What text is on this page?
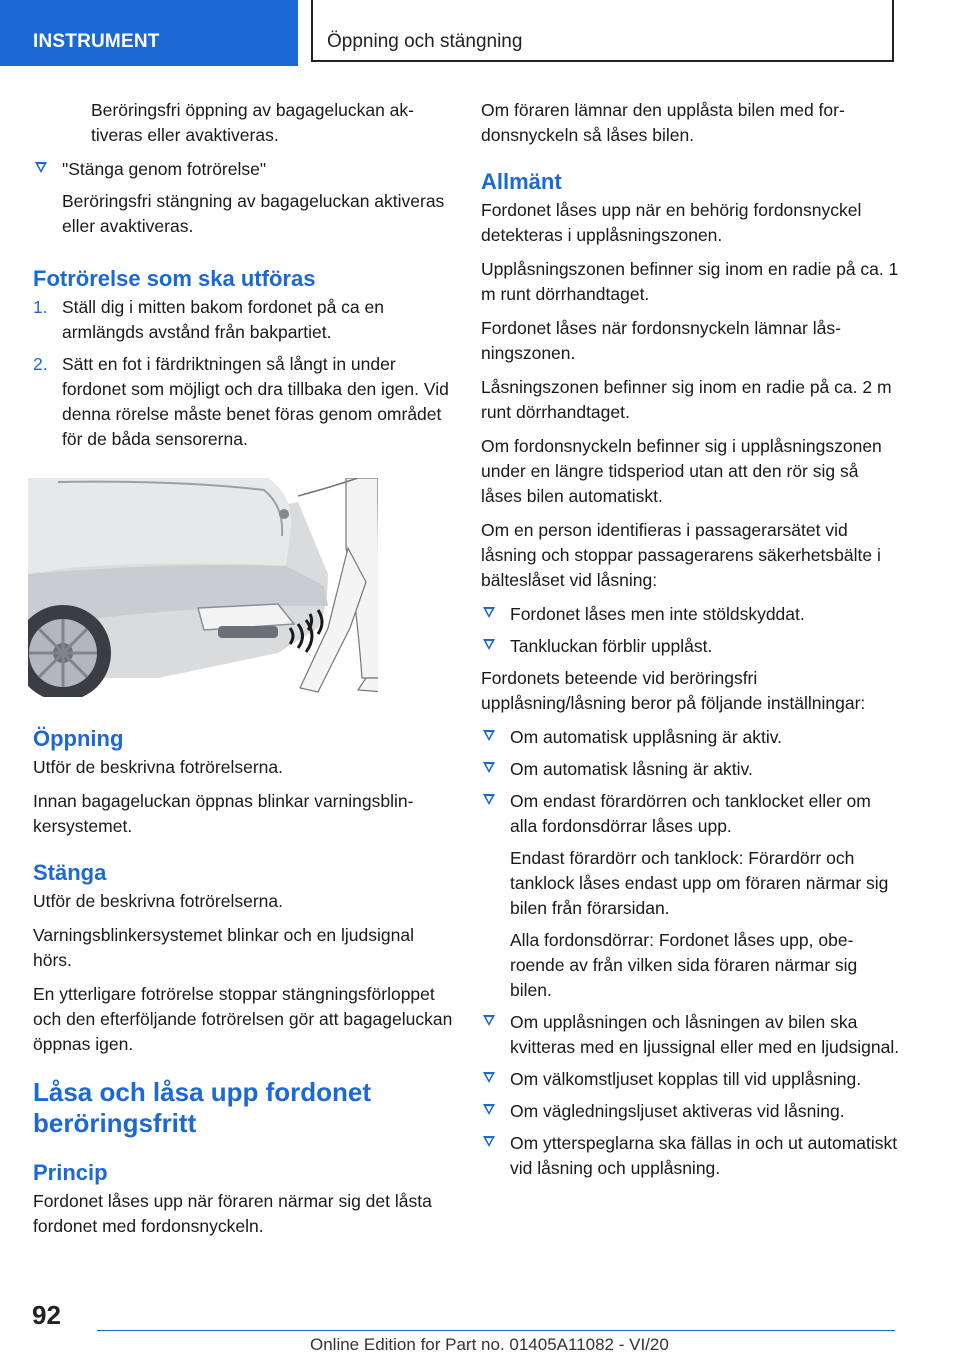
INSTRUMENT	Öppning och stängning

Beröringsfri öppning av bagageluckan aktiveras eller avaktiveras.

"Stänga genom fotrörelse"

Beröringsfri stängning av bagageluckan aktiveras eller avaktiveras.

Fotrörelse som ska utföras
1. Ställ dig i mitten bakom fordonet på ca en armlängds avstånd från bakpartiet.
2. Sätt en fot i färdriktningen så långt in under fordonet som möjligt och dra tillbaka den igen. Vid denna rörelse måste benet föras genom området för de båda sensorerna.
Öppning

Utför de beskrivna fotrörelserna.

Innan bagageluckan öppnas blinkar varningsblinkersystemet.

Stänga

Utför de beskrivna fotrörelserna.

Varningsblinkersystemet blinkar och en ljudsignal hörs.

En ytterligare fotrörelse stoppar stängningsförloppet och den efterföljande fotrörelsen gör att bagageluckan öppnas igen.

Låsa och låsa upp fordonet beröringsfritt
Princip

Fordonet låses upp när föraren närmar sig det låsta fordonet med fordonsnyckeln.

Om föraren lämnar den upplåsta bilen med fordonsnyckeln så låses bilen.

Allmänt

Fordonet låses upp när en behörig fordonsnyckel detekteras i upplåsningszonen.

Upplåsningszonen befinner sig inom en radie på ca. 1 m runt dörrhandtaget.

Fordonet låses när fordonsnyckeln lämnar låsningszonen.

Låsningszonen befinner sig inom en radie på ca. 2 m runt dörrhandtaget.

Om fordonsnyckeln befinner sig i upplåsningszonen under en längre tidsperiod utan att den rör sig så låses bilen automatiskt.

Om en person identifieras i passagerarsätet vid låsning och stoppar passagerarens säkerhetsbälte i bälteslåset vid låsning:

Fordonet låses men inte stöldskyddat.
Tankluckan förblir upplåst.

Fordonets beteende vid beröringsfri upplåsning/låsning beror på följande inställningar:

Om automatisk upplåsning är aktiv.
Om automatisk låsning är aktiv.
Om endast förardörren och tanklocket eller om alla fordonsdörrar låses upp.

Endast förardörr och tanklock: Förardörr och tanklock låses endast upp om föraren närmar sig bilen från förarsidan.

Alla fordonsdörrar: Fordonet låses upp, oberoende av från vilken sida föraren närmar sig bilen.

Om upplåsningen och låsningen av bilen ska kvitteras med en ljussignal eller med en ljudsignal.
Om välkomstljuset kopplas till vid upplåsning.
Om vägledningsljuset aktiveras vid låsning.
Om ytterspeglarna ska fällas in och ut automatiskt vid låsning och upplåsning.
92
Online Edition for Part no. 01405A11082 - VI/20
